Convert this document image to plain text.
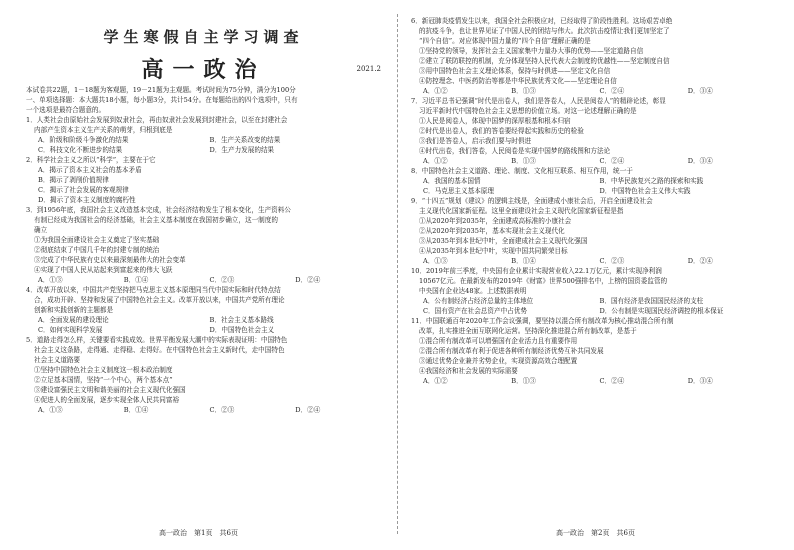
学生寒假自主学习调查
高一政治	2021.2
本试卷共22题，1－18题为客观题，19－21题为主观题。考试时间为75分钟，满分为100分
一、单项选择题：本大题共18小题，每小题3分，共计54分。在每题给出的四个选项中，只有
一个选项是最符合题意的。
1．人类社会由原始社会发展到奴隶社会，再由奴隶社会发展到封建社会，以至在封建社会
内部产生资本主义生产关系的萌芽，归根到底是
A．阶级和阶级斗争激化的结果	B．生产关系改变的结果
C．科技文化不断进步的结果	D．生产力发展的结果
2．科学社会主义之所以“科学”，主要在于它
A．揭示了资本主义社会的基本矛盾
B．揭示了剥削价值规律
C．揭示了社会发展的客观规律
D．揭示了资本主义制度的腐朽性
3．到1956年底，我国社会主义改造基本完成，社会经济结构发生了根本变化，生产资料公
有制已经成为我国社会的经济基础，社会主义基本制度在我国初步确立，这一制度的
确立
①为我国全面建设社会主义奠定了坚实基础
②彻底结束了中国几千年的封建专制的统治
③完成了中华民族有史以来最深刻最伟大的社会变革
④实现了中国人民从站起来到富起来的伟大飞跃
A．①③	B．①④	C．②③	D．②④
4．改革开放以来，中国共产党坚持把马克思主义基本原理同当代中国实际和时代特点结
合，成功开辟、坚持和发展了中国特色社会主义。改革开放以来，中国共产党所有理论
创新和实践创新的主题都是
A．全面发展的建设理论	B．社会主义基本路线
C．如何实现科学发展	D．中国特色社会主义
5．道路走得怎么样，关键要看实践成效。世界平衡发展大潮中的实际表现证明：中国特色
社会主义这条路，走得通、走得稳、走得好。在中国特色社会主义新时代，走中国特色
社会主义道路要
①坚持中国特色社会主义制度这一根本政治制度
②立足基本国情，坚持“一个中心，两个基本点”
③建设富强民主文明和谐美丽的社会主义现代化强国
④促进人的全面发展，逐步实现全体人民共同富裕
A．①③	B．①④	C．②③	D．②④
高一政治　第1页　共6页
6．新冠肺炎疫情发生以来，我国全社会积极应对，已经取得了阶段性胜利。这场艰苦卓绝
的抗疫斗争，也让世界见证了中国人民的团结与伟大。此次抗击疫情让我们更加坚定了
“四个自信”。对应体现中国力量的“四个自信”理解正确的是
①坚持党的领导，发挥社会主义国家集中力量办大事的优势——坚定道路自信
②建立了联防联控的机制，充分体现坚持人民代表大会制度的优越性——坚定制度自信
③用中国特色社会主义理论体系，保持与时俱进——坚定文化自信
④防控理念、中医药防治等都是中华民族优秀文化——坚定理论自信
A．①②	B．①③	C．②④	D．③④
7．习近平总书记强调“时代是出卷人，我们是答卷人，人民是阅卷人”的精辟论述，彰显
习近平新时代中国特色社会主义思想的价值立场。对这一论述理解正确的是
①人民是阅卷人，体现中国梦的深厚根基和根本归宿
②时代是出卷人，我们的答卷要经得起实践和历史的检验
③我们是答卷人，启示我们要与时俱进
④时代出卷，我们答卷，人民阅卷是实现中国梦的路线图和方法论
A．①②	B．①③	C．②④	D．③④
8．中国特色社会主义道路、理论、制度、文化相互联系、相互作用，统一于
A．我国的基本国情	B．中华民族复兴之路的探索和实践
C．马克思主义基本原理	D．中国特色社会主义伟大实践
9．“十四五”规划《建议》的逻辑主线是，全面建成小康社会后，开启全面建设社会
主义现代化国家新征程。这里全面建设社会主义现代化国家新征程是指
①从2020年到2035年，全面建成高标准的小康社会
②从2020年到2035年，基本实现社会主义现代化
③从2035年到本世纪中叶，全面建成社会主义现代化强国
④从2035年到本世纪中叶，实现中国共同繁荣目标
A．①③	B．①④	C．②③	D．②④
10．2019年前三季度，中央国有企业累计实现营业收入22.1万亿元，累计实现净利润
10567亿元。在最新发布的2019年《财富》世界500强排名中，上榜的国资委监管的
中央国有企业达48家。上述数据表明
A．公有制经济占经济总量的主体地位	B．国有经济是我国国民经济的支柱
C．国有资产在社会总资产中占优势	D．公有制是实现国民经济调控的根本保证
11．中国联通百年2020年工作会议强调，要坚持以混合所有制改革为核心推动混合所有制
改革，扎实推进全面互联网化运营。坚持深化推进混合所有制改革，是基于
①混合所有制改革可以增强国有企业活力且有重要作用
②混合所有制改革有利于促进各种所有制经济优势互补共同发展
③通过优势企业兼并劣势企业，实现资源高效合理配置
④我国经济和社会发展的实际需要
A．①②	B．①③	C．②④	D．③④
高一政治　第2页　共6页
